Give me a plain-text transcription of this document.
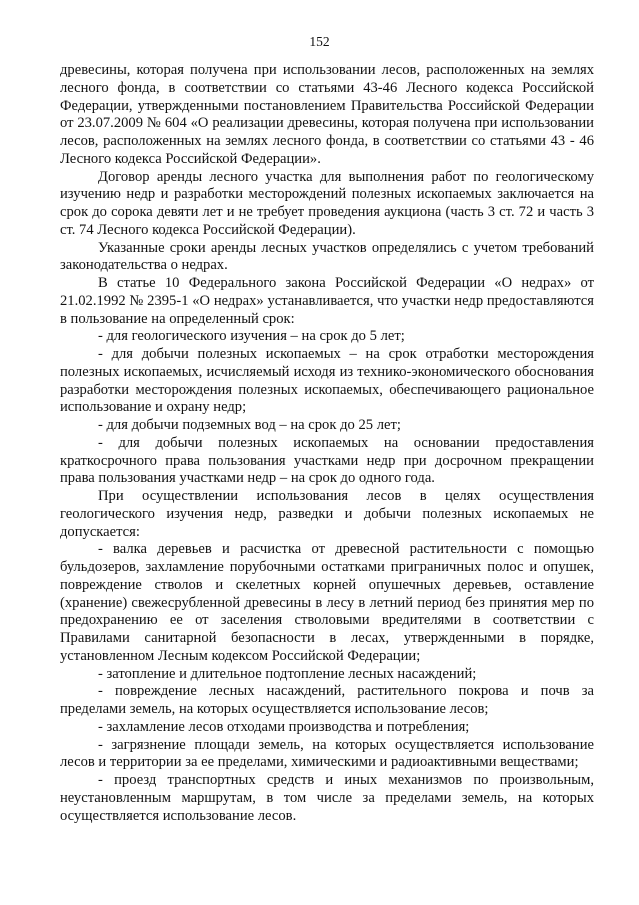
152

древесины, которая получена при использовании лесов, расположенных на землях лесного фонда, в соответствии со статьями 43-46 Лесного кодекса Российской Федерации, утвержденными постановлением Правительства Российской Федерации от 23.07.2009 № 604 «О реализации древесины, которая получена при использовании лесов, расположенных на землях лесного фонда, в соответствии со статьями 43 - 46 Лесного кодекса Российской Федерации».

Договор аренды лесного участка для выполнения работ по геологическому изучению недр и разработки месторождений полезных ископаемых заключается на срок до сорока девяти лет и не требует проведения аукциона (часть 3 ст. 72 и часть 3 ст. 74 Лесного кодекса Российской Федерации).

Указанные сроки аренды лесных участков определялись с учетом требований законодательства о недрах.

В статье 10 Федерального закона Российской Федерации «О недрах» от 21.02.1992 № 2395-1 «О недрах» устанавливается, что участки недр предоставляются в пользование на определенный срок:

- для геологического изучения – на срок до 5 лет;

- для добычи полезных ископаемых – на срок отработки месторождения полезных ископаемых, исчисляемый исходя из технико-экономического обоснования разработки месторождения полезных ископаемых, обеспечивающего рациональное использование и охрану недр;

- для добычи подземных вод – на срок до 25 лет;

- для добычи полезных ископаемых на основании предоставления краткосрочного права пользования участками недр при досрочном прекращении права пользования участками недр – на срок до одного года.

При осуществлении использования лесов в целях осуществления геологического изучения недр, разведки и добычи полезных ископаемых не допускается:

- валка деревьев и расчистка от древесной растительности с помощью бульдозеров, захламление порубочными остатками приграничных полос и опушек, повреждение стволов и скелетных корней опушечных деревьев, оставление (хранение) свежесрубленной древесины в лесу в летний период без принятия мер по предохранению ее от заселения стволовыми вредителями в соответствии с Правилами санитарной безопасности в лесах, утвержденными в порядке, установленном Лесным кодексом Российской Федерации;

- затопление и длительное подтопление лесных насаждений;

- повреждение лесных насаждений, растительного покрова и почв за пределами земель, на которых осуществляется использование лесов;

- захламление лесов отходами производства и потребления;

- загрязнение площади земель, на которых осуществляется использование лесов и территории за ее пределами, химическими и радиоактивными веществами;

- проезд транспортных средств и иных механизмов по произвольным, неустановленным маршрутам, в том числе за пределами земель, на которых осуществляется использование лесов.
